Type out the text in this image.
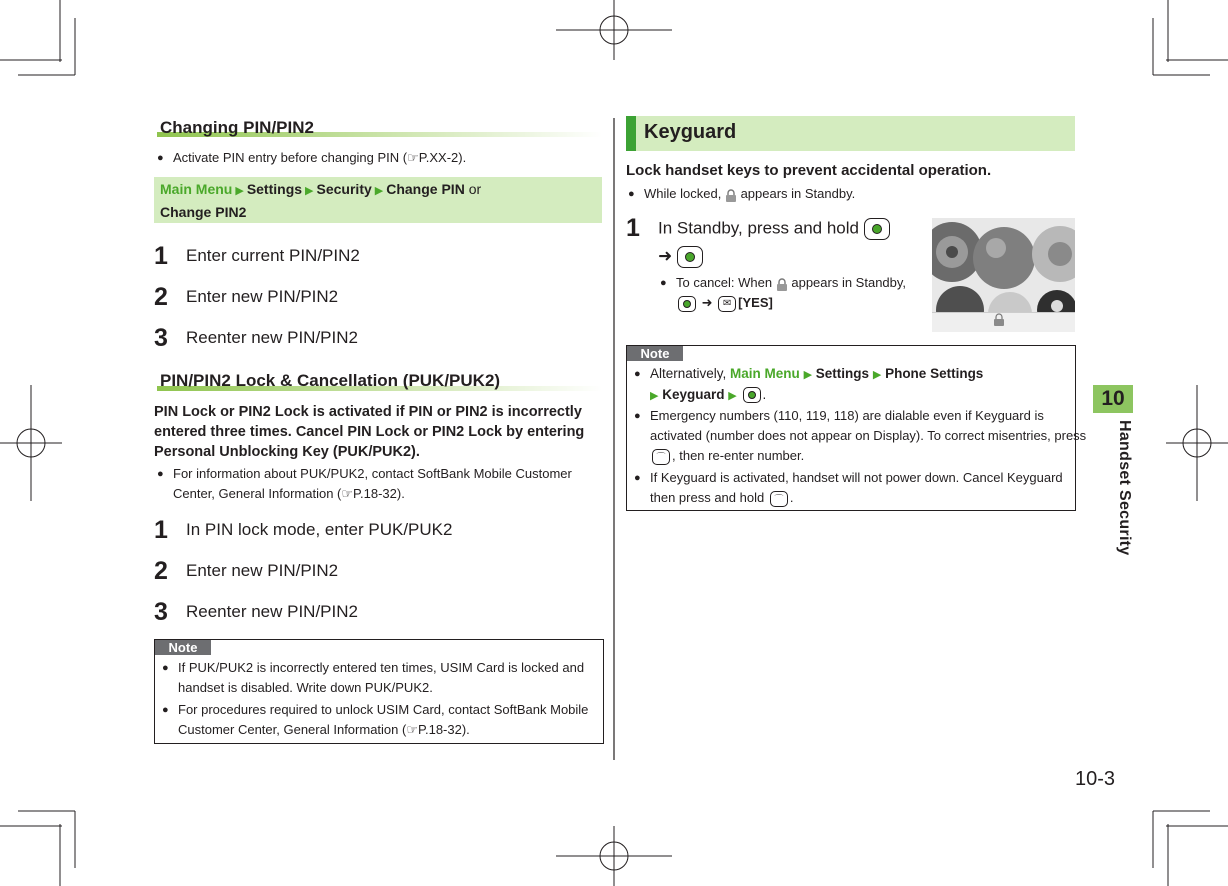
Changing PIN/PIN2
● Activate PIN entry before changing PIN (☞P.XX-2).
Main Menu ▶ Settings ▶ Security ▶ Change PIN or
Change PIN2
1 Enter current PIN/PIN2
2 Enter new PIN/PIN2
3 Reenter new PIN/PIN2
PIN/PIN2 Lock & Cancellation (PUK/PUK2)
PIN Lock or PIN2 Lock is activated if PIN or PIN2 is incorrectly entered three times. Cancel PIN Lock or PIN2 Lock by entering Personal Unblocking Key (PUK/PUK2).
● For information about PUK/PUK2, contact SoftBank Mobile Customer Center, General Information (☞P.18-32).
1 In PIN lock mode, enter PUK/PUK2
2 Enter new PIN/PIN2
3 Reenter new PIN/PIN2
Note
● If PUK/PUK2 is incorrectly entered ten times, USIM Card is locked and handset is disabled. Write down PUK/PUK2.
● For procedures required to unlock USIM Card, contact SoftBank Mobile Customer Center, General Information (☞P.18-32).
Keyguard
Lock handset keys to prevent accidental operation.
● While locked, appears in Standby.
1 In Standby, press and hold
➜
● To cancel: When appears in Standby,
➜ ✉ [YES]
Note
● Alternatively, Main Menu ▶ Settings ▶ Phone Settings
▶ Keyguard ▶ .
● Emergency numbers (110, 119, 118) are dialable even if Keyguard is activated (number does not appear on Display). To correct misentries, press ⌒ , then re-enter number.
● If Keyguard is activated, handset will not power down. Cancel Keyguard then press and hold ⌒ .
10
Handset Security
10-3
